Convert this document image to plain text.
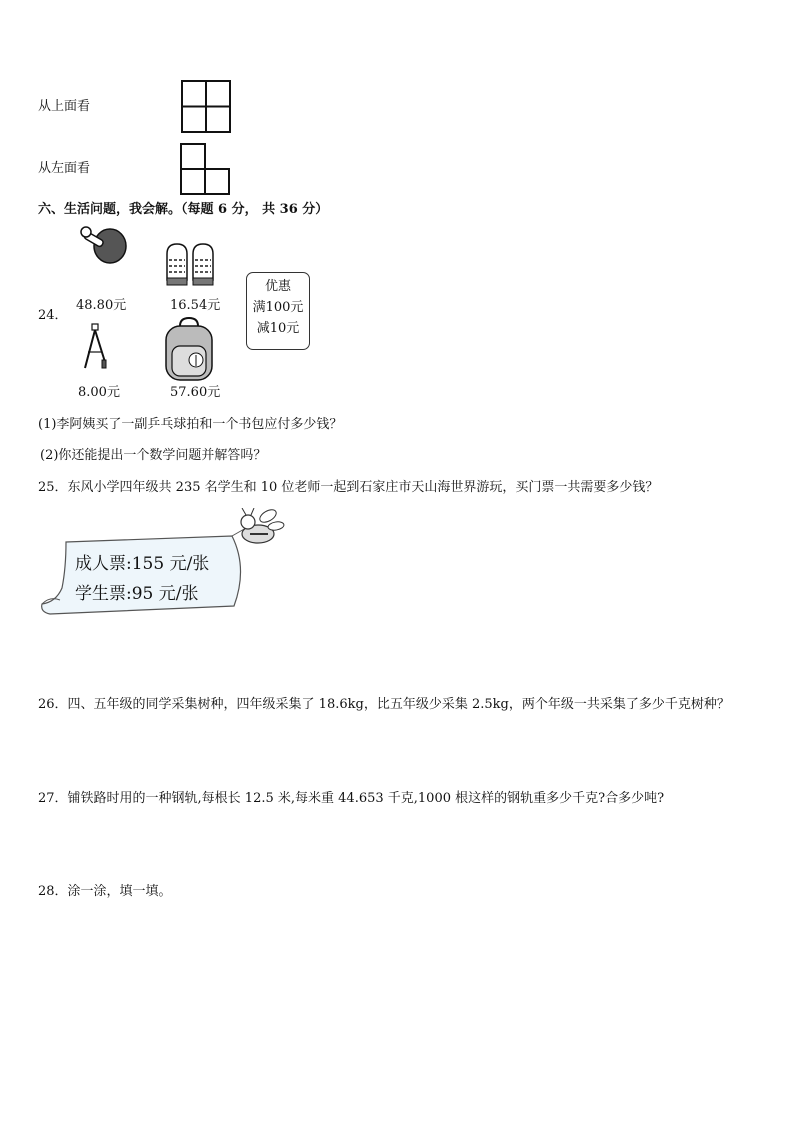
从上面看
从左面看
六、生活问题，我会解。（每题 6 分， 共 36 分）
24．
48.80元	16.54元
优惠
满100元
减10元
8.00元	57.60元
(1)李阿姨买了一副乒乓球拍和一个书包应付多少钱？
(2)你还能提出一个数学问题并解答吗？
25．东风小学四年级共 235 名学生和 10 位老师一起到石家庄市天山海世界游玩，买门票一共需要多少钱？
成人票:155 元/张
学生票:95 元/张
26．四、五年级的同学采集树种，四年级采集了 18.6kg，比五年级少采集 2.5kg，两个年级一共采集了多少千克树种？
27．铺铁路时用的一种钢轨,每根长 12.5 米,每米重 44.653 千克,1000 根这样的钢轨重多少千克?合多少吨?
28．涂一涂，填一填。
